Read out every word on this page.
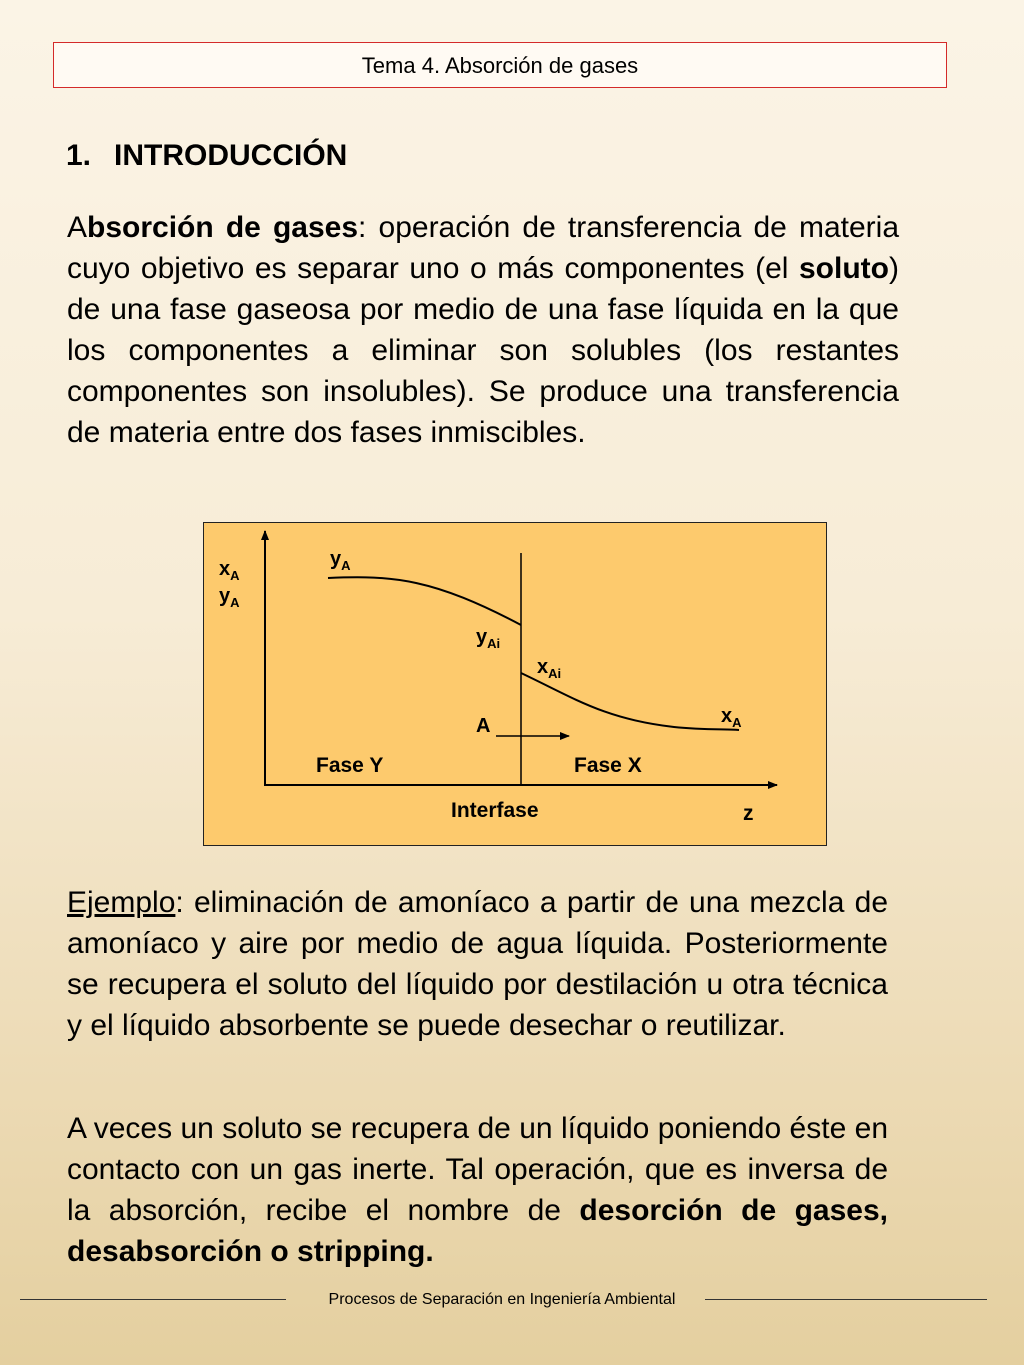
Tema 4. Absorción de gases
1. INTRODUCCIÓN

Absorción de gases: operación de transferencia de materia cuyo objetivo es separar uno o más componentes (el soluto) de una fase gaseosa por medio de una fase líquida en la que los componentes a eliminar son solubles (los restantes componentes son insolubles). Se produce una transferencia de materia entre dos fases inmiscibles.

$x_A$
$y_A$
$y_A$
$y_{Ai}$
$x_{Ai}$
$x_A$
A
Fase Y	Fase X
Interfase	z

Ejemplo: eliminación de amoníaco a partir de una mezcla de amoníaco y aire por medio de agua líquida. Posteriormente se recupera el soluto del líquido por destilación u otra técnica y el líquido absorbente se puede desechar o reutilizar.

A veces un soluto se recupera de un líquido poniendo éste en contacto con un gas inerte. Tal operación, que es inversa de la absorción, recibe el nombre de desorción de gases, desabsorción o stripping.

Procesos de Separación en Ingeniería Ambiental
